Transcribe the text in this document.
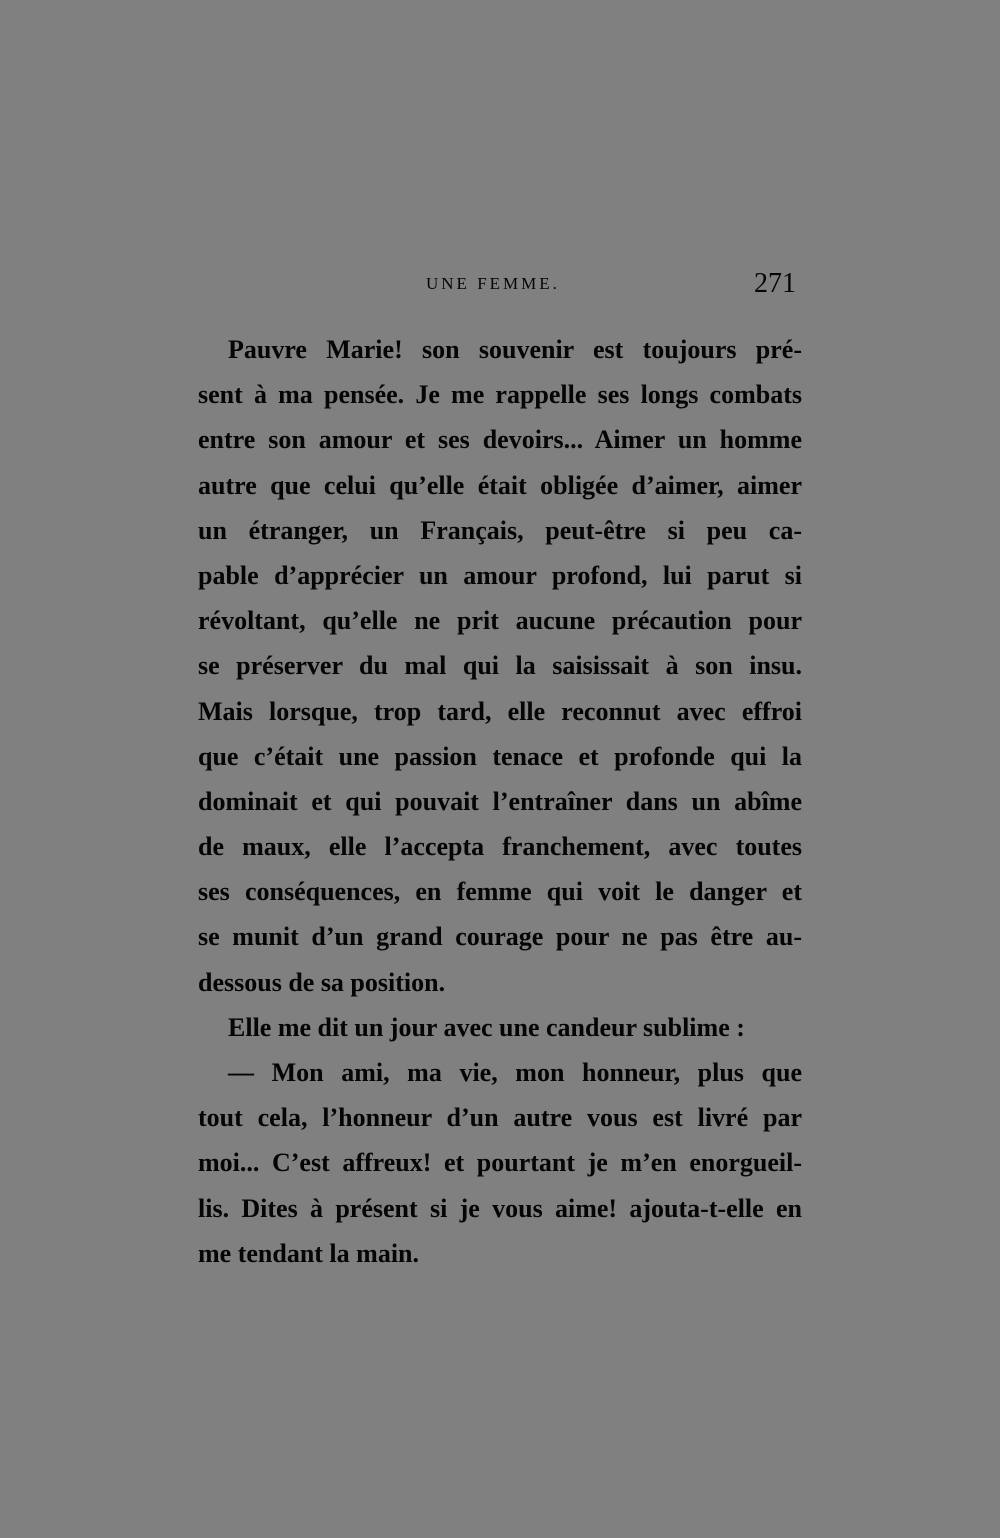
UNE FEMME.	271
Pauvre Marie! son souvenir est toujours pré-
sent à ma pensée. Je me rappelle ses longs combats
entre son amour et ses devoirs... Aimer un homme
autre que celui qu’elle était obligée d’aimer, aimer
un étranger, un Français, peut-être si peu ca-
pable d’apprécier un amour profond, lui parut si
révoltant, qu’elle ne prit aucune précaution pour
se préserver du mal qui la saisissait à son insu.
Mais lorsque, trop tard, elle reconnut avec effroi
que c’était une passion tenace et profonde qui la
dominait et qui pouvait l’entraîner dans un abîme
de maux, elle l’accepta franchement, avec toutes
ses conséquences, en femme qui voit le danger et
se munit d’un grand courage pour ne pas être au-
dessous de sa position.
Elle me dit un jour avec une candeur sublime :
— Mon ami, ma vie, mon honneur, plus que
tout cela, l’honneur d’un autre vous est livré par
moi... C’est affreux! et pourtant je m’en enorgueil-
lis. Dites à présent si je vous aime! ajouta-t-elle en
me tendant la main.
